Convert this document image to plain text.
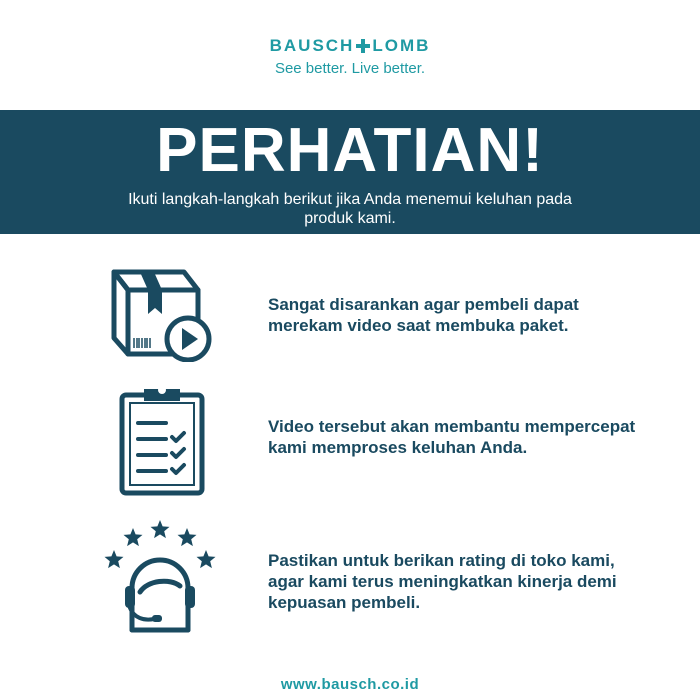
BAUSCH LOMB
See better. Live better.
PERHATIAN!
Ikuti langkah-langkah berikut jika Anda menemui keluhan pada produk kami.
Sangat disarankan agar pembeli dapat merekam video saat membuka paket.
Video tersebut akan membantu mempercepat kami memproses keluhan Anda.
Pastikan untuk berikan rating di toko kami, agar kami terus meningkatkan kinerja demi kepuasan pembeli.
www.bausch.co.id
